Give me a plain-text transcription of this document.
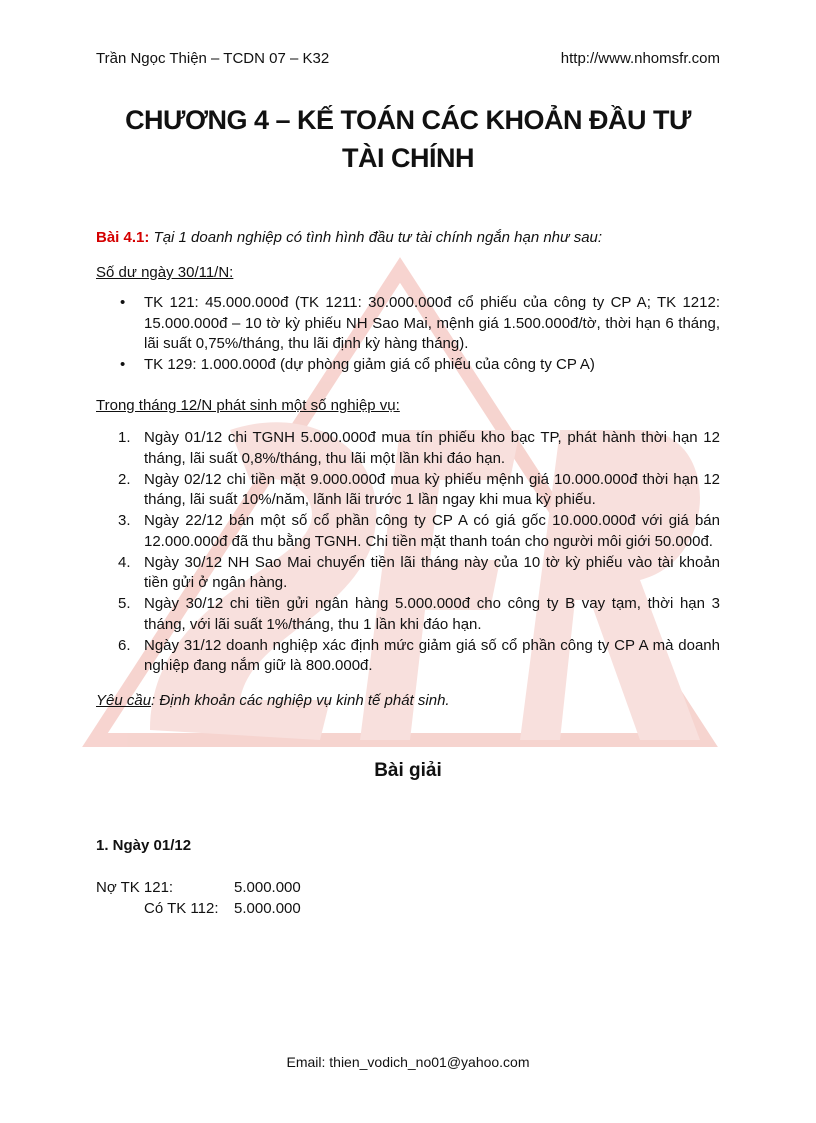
Trần Ngọc Thiện – TCDN 07 – K32	http://www.nhomsfr.com
CHƯƠNG 4 – KẾ TOÁN CÁC KHOẢN ĐẦU TƯ
TÀI CHÍNH
Bài 4.1: Tại 1 doanh nghiệp có tình hình đầu tư tài chính ngắn hạn như sau:
Số dư ngày 30/11/N:
• TK 121: 45.000.000đ (TK 1211: 30.000.000đ cổ phiếu của công ty CP A; TK 1212: 15.000.000đ – 10 tờ kỳ phiếu NH Sao Mai, mệnh giá 1.500.000đ/tờ, thời hạn 6 tháng, lãi suất 0,75%/tháng, thu lãi định kỳ hàng tháng).
• TK 129: 1.000.000đ (dự phòng giảm giá cổ phiếu của công ty CP A)
Trong tháng 12/N phát sinh một số nghiệp vụ:
1. Ngày 01/12 chi TGNH 5.000.000đ mua tín phiếu kho bạc TP, phát hành thời hạn 12 tháng, lãi suất 0,8%/tháng, thu lãi một lần khi đáo hạn.
2. Ngày 02/12 chi tiền mặt 9.000.000đ mua kỳ phiếu mệnh giá 10.000.000đ thời hạn 12 tháng, lãi suất 10%/năm, lãnh lãi trước 1 lần ngay khi mua kỳ phiếu.
3. Ngày 22/12 bán một số cổ phần công ty CP A có giá gốc 10.000.000đ với giá bán 12.000.000đ đã thu bằng TGNH. Chi tiền mặt thanh toán cho người môi giới 50.000đ.
4. Ngày 30/12 NH Sao Mai chuyển tiền lãi tháng này của 10 tờ kỳ phiếu vào tài khoản tiền gửi ở ngân hàng.
5. Ngày 30/12 chi tiền gửi ngân hàng 5.000.000đ cho công ty B vay tạm, thời hạn 3 tháng, với lãi suất 1%/tháng, thu 1 lần khi đáo hạn.
6. Ngày 31/12 doanh nghiệp xác định mức giảm giá số cổ phần công ty CP A mà doanh nghiệp đang nắm giữ là 800.000đ.
Yêu cầu: Định khoản các nghiệp vụ kinh tế phát sinh.
Bài giải
1. Ngày 01/12
Nợ TK 121:	5.000.000
Có TK 112: 5.000.000
Email: thien_vodich_no01@yahoo.com
